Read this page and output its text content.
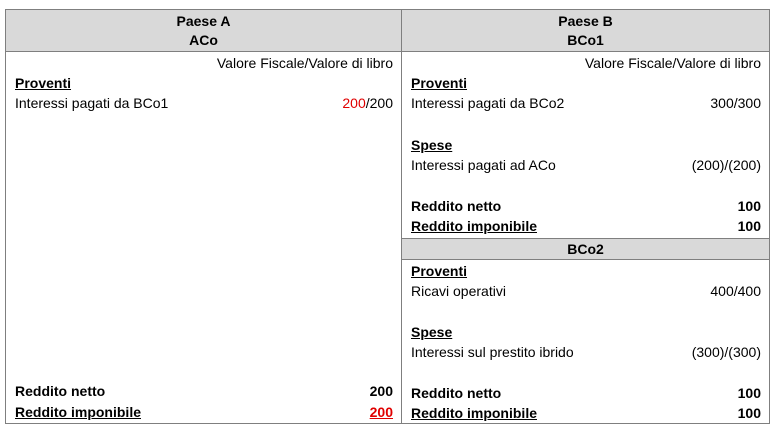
Paese A
ACo
Valore Fiscale/Valore di libro
Proventi
Interessi pagati da BCo1	200/200
Reddito netto	200
Reddito imponibile	200
Paese B
BCo1
Valore Fiscale/Valore di libro
Proventi
Interessi pagati da BCo2	300/300
Spese
Interessi pagati ad ACo	(200)/(200)
Reddito netto	100
Reddito imponibile	100
BCo2
Proventi
Ricavi operativi	400/400
Spese
Interessi sul prestito ibrido	(300)/(300)
Reddito netto	100
Reddito imponibile	100
